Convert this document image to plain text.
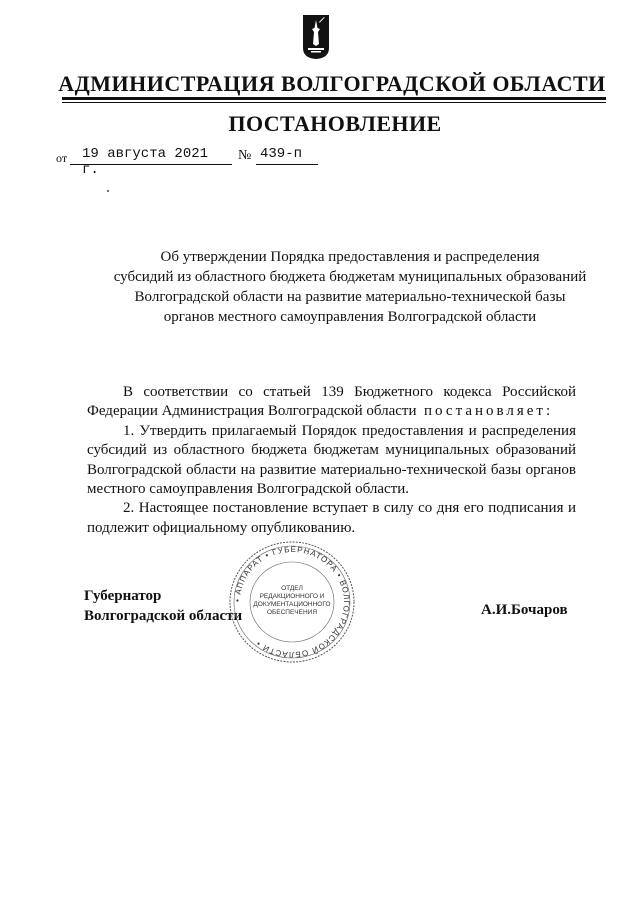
АДМИНИСТРАЦИЯ ВОЛГОГРАДСКОЙ ОБЛАСТИ
ПОСТАНОВЛЕНИЕ
от 19 августа 2021 г.
№ 439-п
Об утверждении Порядка предоставления и распределения
субсидий из областного бюджета бюджетам муниципальных образований
Волгоградской области на развитие материально-технической базы
органов местного самоуправления Волгоградской области

В соответствии со статьей 139 Бюджетного кодекса Российской Федерации Администрация Волгоградской области постановляет:

1. Утвердить прилагаемый Порядок предоставления и распределения субсидий из областного бюджета бюджетам муниципальных образований Волгоградской области на развитие материально-технической базы органов местного самоуправления Волгоградской области.

2. Настоящее постановление вступает в силу со дня его подписания и подлежит официальному опубликованию.

Губернатор
Волгоградской области
• АППАРАТ • ГУБЕРНАТОРА • ВОЛГОГРАДСКОЙ ОБЛАСТИ •
ОТДЕЛ
РЕДАКЦИОННОГО И
ДОКУМЕНТАЦИОННОГО
ОБЕСПЕЧЕНИЯ	А.И.Бочаров
